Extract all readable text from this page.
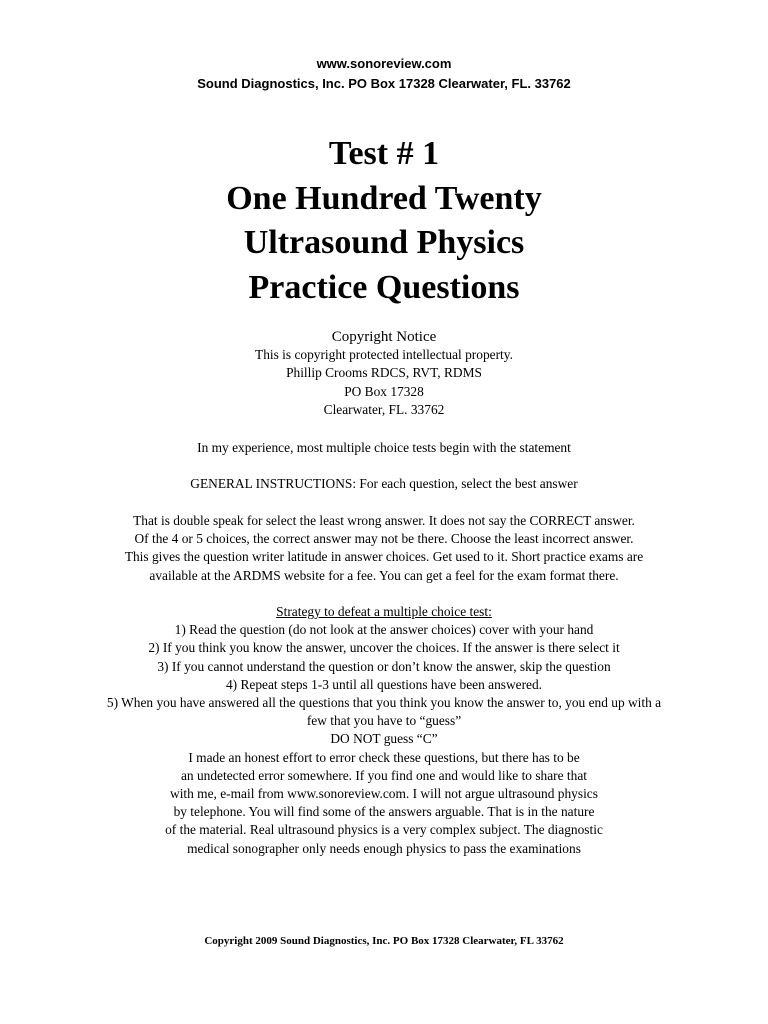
www.sonoreview.com
Sound Diagnostics, Inc. PO Box 17328 Clearwater, FL. 33762
Test # 1
One Hundred Twenty
Ultrasound Physics
Practice Questions
Copyright Notice
This is copyright protected intellectual property.
Phillip Crooms RDCS, RVT, RDMS
PO Box 17328
Clearwater, FL. 33762
In my experience, most multiple choice tests begin with the statement
GENERAL INSTRUCTIONS: For each question, select the best answer
That is double speak for select the least wrong answer. It does not say the CORRECT answer.
Of the 4 or 5 choices, the correct answer may not be there. Choose the least incorrect answer.
This gives the question writer latitude in answer choices. Get used to it. Short practice exams are
available at the ARDMS website for a fee. You can get a feel for the exam format there.
Strategy to defeat a multiple choice test:
1) Read the question (do not look at the answer choices) cover with your hand
2) If you think you know the answer, uncover the choices. If the answer is there select it
3) If you cannot understand the question or don’t know the answer, skip the question
4) Repeat steps 1-3 until all questions have been answered.
5) When you have answered all the questions that you think you know the answer to, you end up with a
few that you have to “guess”
DO NOT guess “C”
I made an honest effort to error check these questions, but there has to be
an undetected error somewhere. If you find one and would like to share that
with me, e-mail from www.sonoreview.com. I will not argue ultrasound physics
by telephone. You will find some of the answers arguable. That is in the nature
of the material. Real ultrasound physics is a very complex subject. The diagnostic
medical sonographer only needs enough physics to pass the examinations
Copyright 2009 Sound Diagnostics, Inc. PO Box 17328 Clearwater, FL 33762
